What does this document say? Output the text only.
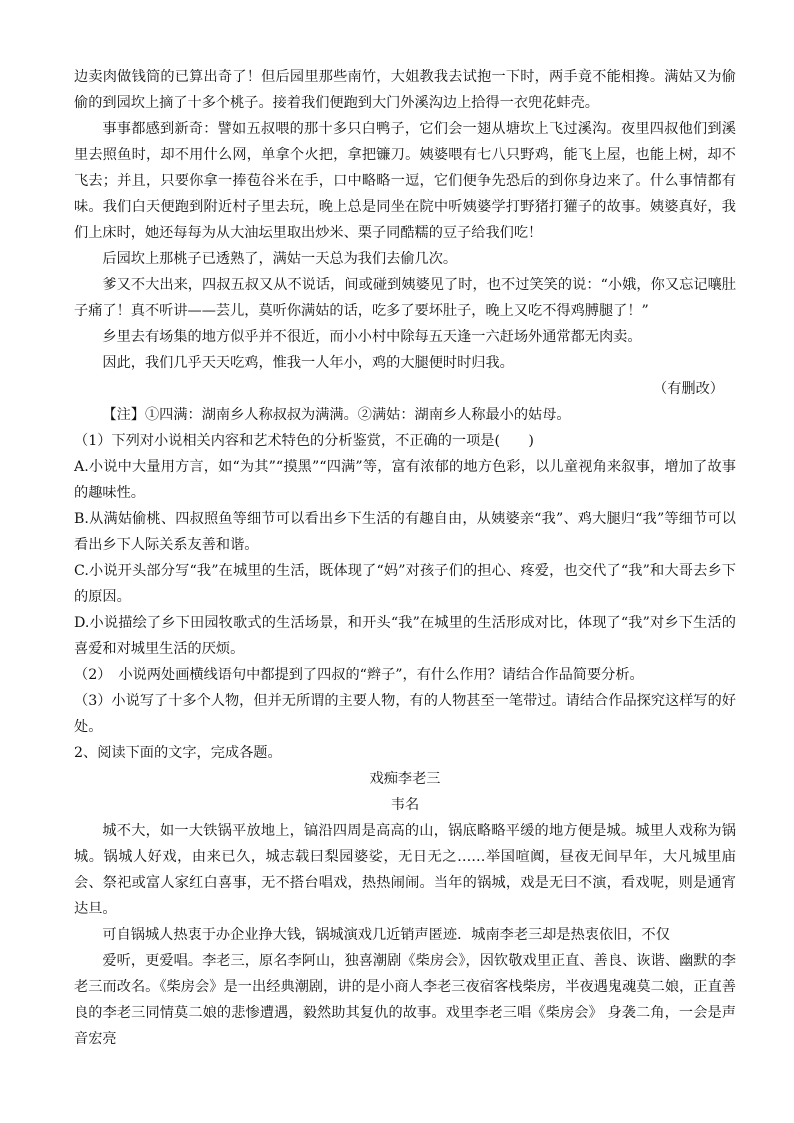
边卖肉做钱筒的已算出奇了！但后园里那些南竹，大姐教我去试抱一下时，两手竟不能相搀。满姑又为偷偷的到园坎上摘了十多个桃子。接着我们便跑到大门外溪沟边上拾得一衣兜花蚌壳。

事事都感到新奇：譬如五叔喂的那十多只白鸭子，它们会一翅从塘坎上飞过溪沟。夜里四叔他们到溪里去照鱼时，却不用什么网，单拿个火把，拿把镰刀。姨婆喂有七八只野鸡，能飞上屋，也能上树，却不飞去；并且，只要你拿一捧苞谷米在手，口中略略一逗，它们便争先恐后的到你身边来了。什么事情都有味。我们白天便跑到附近村子里去玩，晚上总是同坐在院中听姨婆学打野猪打獾子的故事。姨婆真好，我们上床时，她还每每为从大油坛里取出炒米、栗子同酷糯的豆子给我们吃！

后园坎上那桃子已透熟了，满姑一天总为我们去偷几次。

爹又不大出来，四叔五叔又从不说话，间或碰到姨婆见了时，也不过笑笑的说：“小娥，你又忘记嚷肚子痛了！真不听讲——芸儿，莫听你满姑的话，吃多了要坏肚子，晚上又吃不得鸡膊腿了！”

乡里去有场集的地方似乎并不很近，而小小村中除每五天逢一六赶场外通常都无肉卖。

因此，我们几乎天天吃鸡，惟我一人年小，鸡的大腿便时时归我。

（有删改）

【注】①四满：湖南乡人称叔叔为满满。②满姑：湖南乡人称最小的姑母。

（1）下列对小说相关内容和艺术特色的分析鉴赏，不正确的一项是(　　)

A.小说中大量用方言，如“为其”“摸黑”“四满”等，富有浓郁的地方色彩，以儿童视角来叙事，增加了故事的趣味性。

B.从满姑偷桃、四叔照鱼等细节可以看出乡下生活的有趣自由，从姨婆亲“我”、鸡大腿归“我”等细节可以看出乡下人际关系友善和谐。

C.小说开头部分写“我”在城里的生活，既体现了“妈”对孩子们的担心、疼爱，也交代了“我”和大哥去乡下的原因。

D.小说描绘了乡下田园牧歌式的生活场景，和开头“我”在城里的生活形成对比，体现了“我”对乡下生活的喜爱和对城里生活的厌烦。

（2）　小说两处画横线语句中都提到了四叔的“辫子”，有什么作用？请结合作品简要分析。

（3）小说写了十多个人物，但并无所谓的主要人物，有的人物甚至一笔带过。请结合作品探究这样写的好处。

2、阅读下面的文字，完成各题。

戏痴李老三

韦名

城不大，如一大铁锅平放地上，镐沿四周是高高的山，锅底略略平缓的地方便是城。城里人戏称为锅城。锅城人好戏，由来已久，城志载曰梨园婆娑，无日无之……举国喧阗，昼夜无间早年，大凡城里庙会、祭祀或富人家红白喜事，无不搭台唱戏，热热闹闹。当年的锅城，戏是无曰不演，看戏呢，则是通宵达旦。

可自锅城人热衷于办企业挣大钱，锅城演戏几近销声匿迹．城南李老三却是热衷依旧，不仅

爱听，更爱唱。李老三，原名李阿山，独喜潮剧《柴房会》，因钦敬戏里正直、善良、诙谐、幽默的李老三而改名。《柴房会》是一出经典潮剧，讲的是小商人李老三夜宿客栈柴房，半夜遇鬼魂莫二娘，正直善良的李老三同情莫二娘的悲惨遭遇，毅然助其复仇的故事。戏里李老三唱《柴房会》 身袭二角，一会是声音宏亮
